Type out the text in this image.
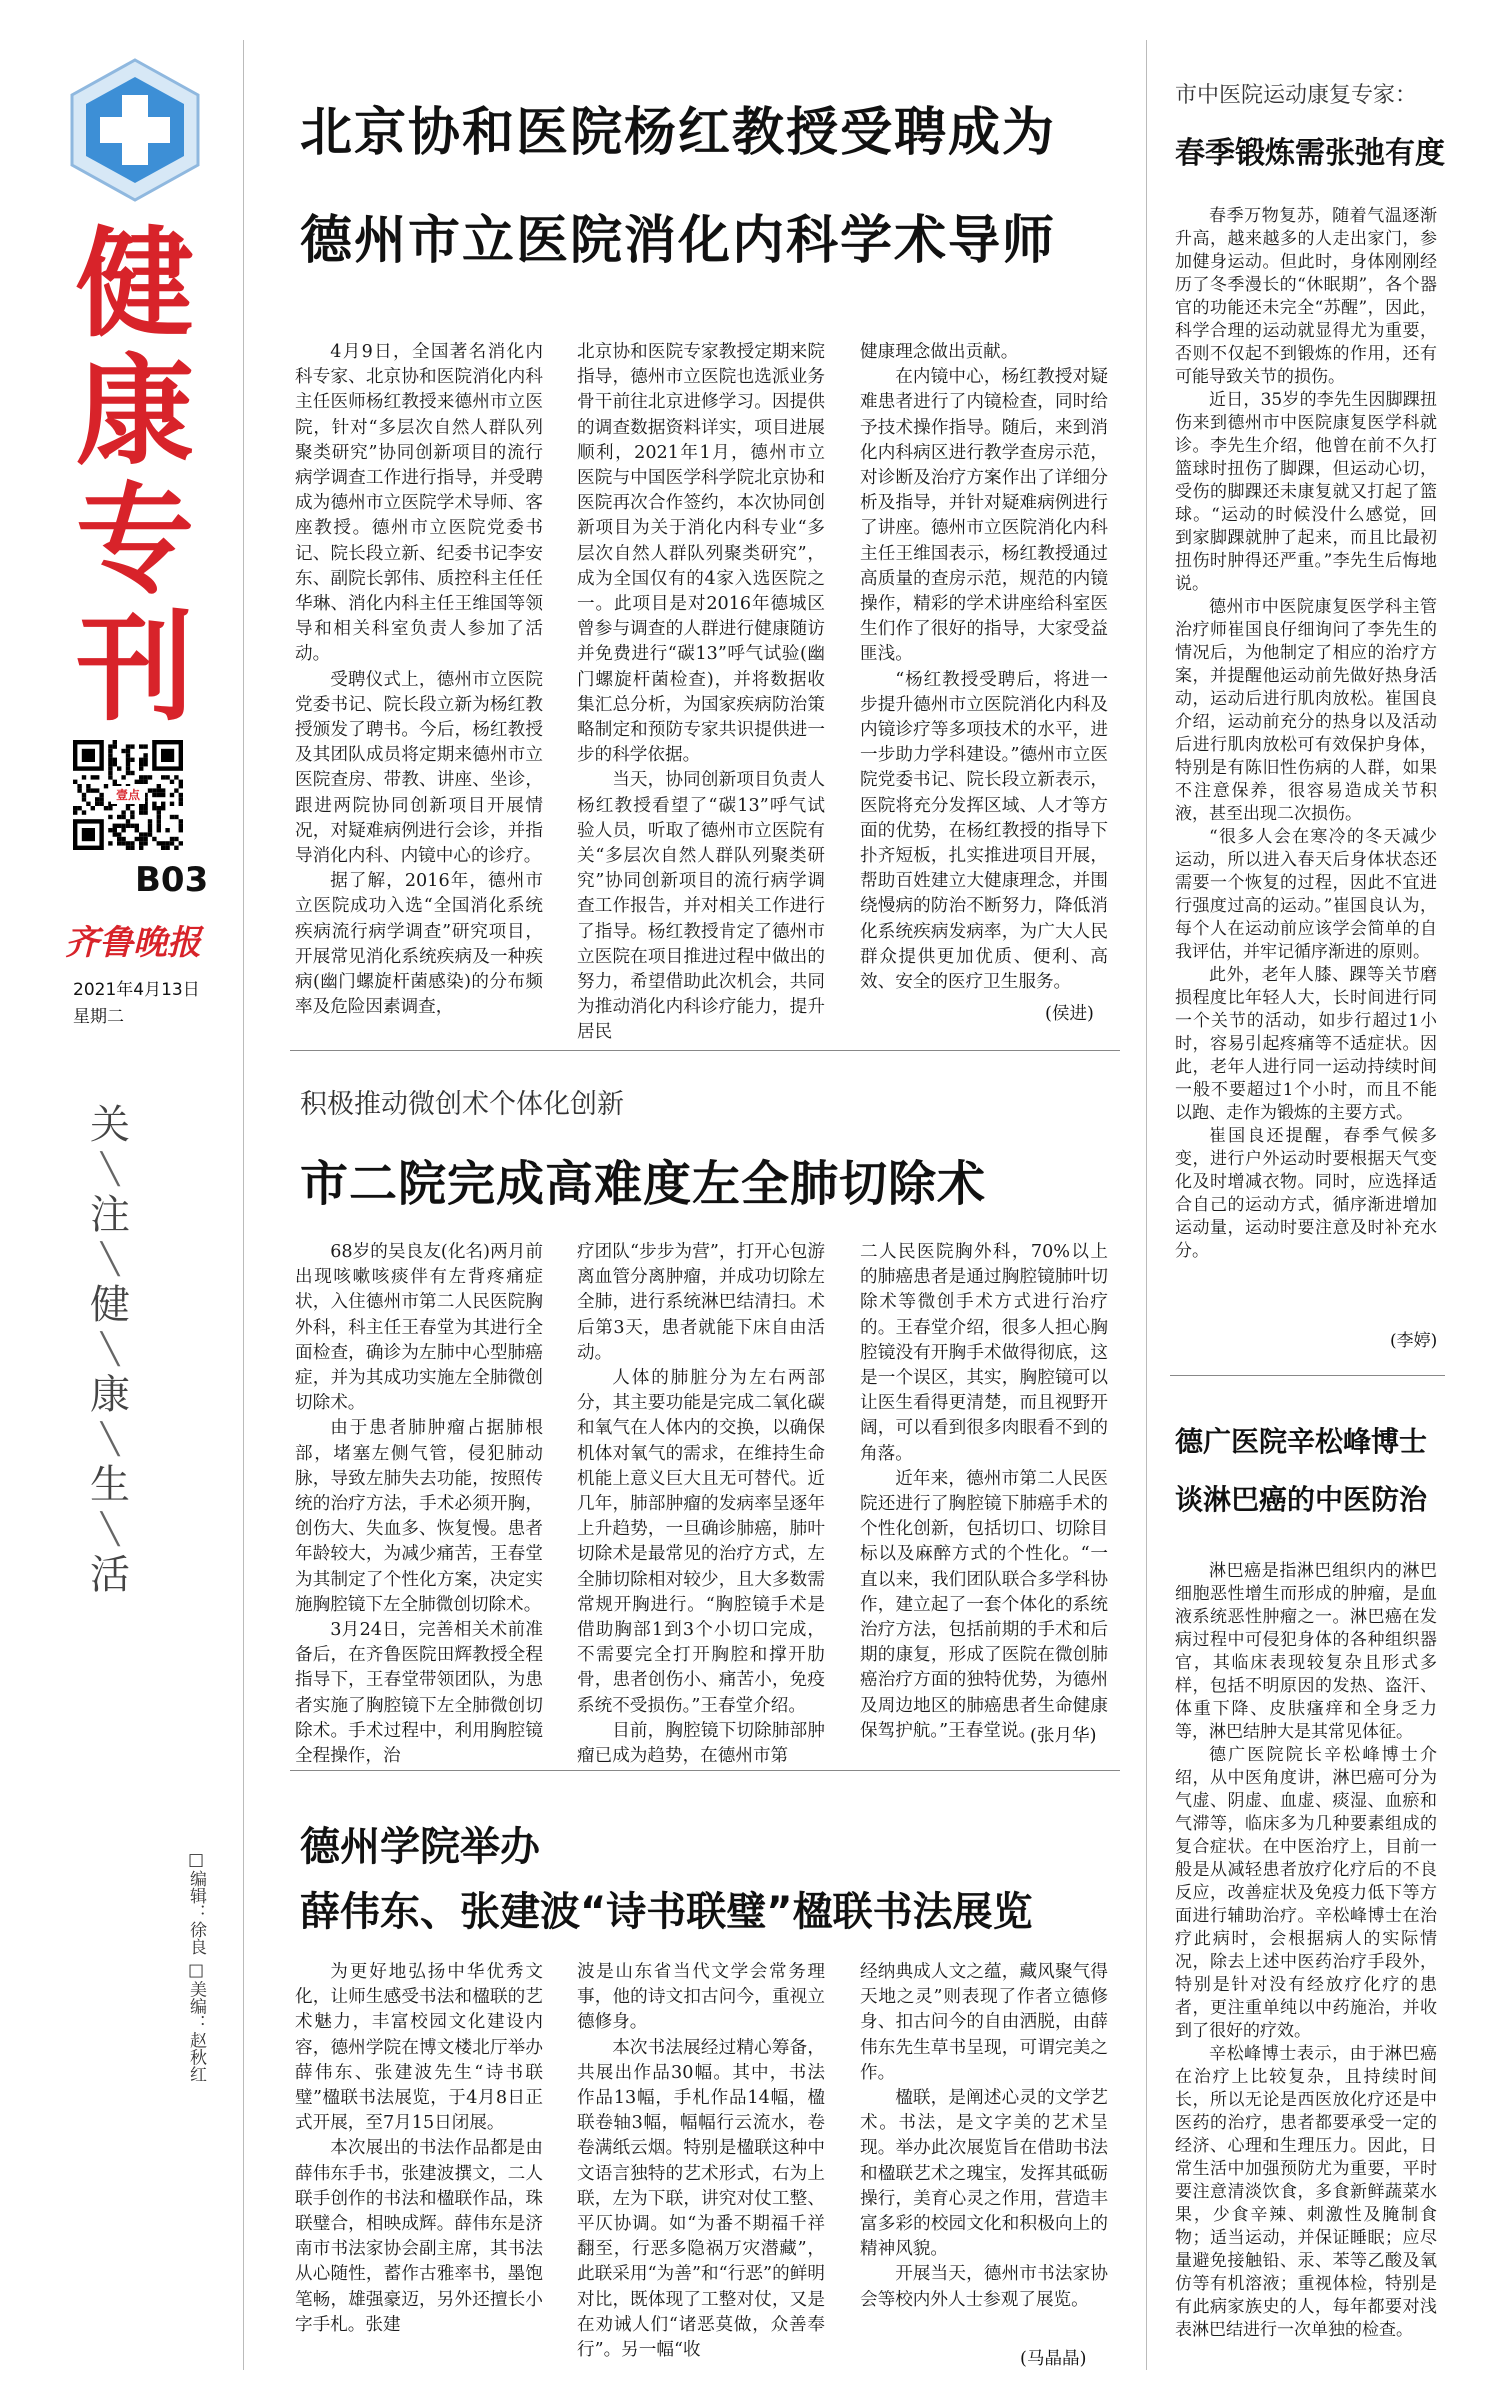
健
康
专
刊
壹点
B03
齐鲁晚报
2021年4月13日
星期二
关
╲
注
╲
健
╲
康
╲
生
╲
活
□编辑：徐良 □美编：赵秋红
北京协和医院杨红教授受聘成为
德州市立医院消化内科学术导师

4月9日，全国著名消化内科专家、北京协和医院消化内科主任医师杨红教授来德州市立医院，针对“多层次自然人群队列聚类研究”协同创新项目的流行病学调查工作进行指导，并受聘成为德州市立医院学术导师、客座教授。德州市立医院党委书记、院长段立新、纪委书记李安东、副院长郭伟、质控科主任任华琳、消化内科主任王维国等领导和相关科室负责人参加了活动。

受聘仪式上，德州市立医院党委书记、院长段立新为杨红教授颁发了聘书。今后，杨红教授及其团队成员将定期来德州市立医院查房、带教、讲座、坐诊，跟进两院协同创新项目开展情况，对疑难病例进行会诊，并指导消化内科、内镜中心的诊疗。

据了解，2016年，德州市立医院成功入选“全国消化系统疾病流行病学调查”研究项目，开展常见消化系统疾病及一种疾病(幽门螺旋杆菌感染)的分布频率及危险因素调查，

北京协和医院专家教授定期来院指导，德州市立医院也选派业务骨干前往北京进修学习。因提供的调查数据资料详实，项目进展顺利，2021年1月，德州市立医院与中国医学科学院北京协和医院再次合作签约，本次协同创新项目为关于消化内科专业“多层次自然人群队列聚类研究”，成为全国仅有的4家入选医院之一。此项目是对2016年德城区曾参与调查的人群进行健康随访并免费进行“碳13”呼气试验(幽门螺旋杆菌检查)，并将数据收集汇总分析，为国家疾病防治策略制定和预防专家共识提供进一步的科学依据。

当天，协同创新项目负责人杨红教授看望了“碳13”呼气试验人员，听取了德州市立医院有关“多层次自然人群队列聚类研究”协同创新项目的流行病学调查工作报告，并对相关工作进行了指导。杨红教授肯定了德州市立医院在项目推进过程中做出的努力，希望借助此次机会，共同为推动消化内科诊疗能力，提升居民

健康理念做出贡献。

在内镜中心，杨红教授对疑难患者进行了内镜检查，同时给予技术操作指导。随后，来到消化内科病区进行教学查房示范，对诊断及治疗方案作出了详细分析及指导，并针对疑难病例进行了讲座。德州市立医院消化内科主任王维国表示，杨红教授通过高质量的查房示范，规范的内镜操作，精彩的学术讲座给科室医生们作了很好的指导，大家受益匪浅。

“杨红教授受聘后，将进一步提升德州市立医院消化内科及内镜诊疗等多项技术的水平，进一步助力学科建设。”德州市立医院党委书记、院长段立新表示，医院将充分发挥区域、人才等方面的优势，在杨红教授的指导下扑齐短板，扎实推进项目开展，帮助百姓建立大健康理念，并围绕慢病的防治不断努力，降低消化系统疾病发病率，为广大人民群众提供更加优质、便利、高效、安全的医疗卫生服务。

(侯进)
积极推动微创术个体化创新
市二院完成高难度左全肺切除术

68岁的吴良友(化名)两月前出现咳嗽咳痰伴有左背疼痛症状，入住德州市第二人民医院胸外科，科主任王春堂为其进行全面检查，确诊为左肺中心型肺癌症，并为其成功实施左全肺微创切除术。

由于患者肺肿瘤占据肺根部，堵塞左侧气管，侵犯肺动脉，导致左肺失去功能，按照传统的治疗方法，手术必须开胸，创伤大、失血多、恢复慢。患者年龄较大，为减少痛苦，王春堂为其制定了个性化方案，决定实施胸腔镜下左全肺微创切除术。

3月24日，完善相关术前准备后，在齐鲁医院田辉教授全程指导下，王春堂带领团队，为患者实施了胸腔镜下左全肺微创切除术。手术过程中，利用胸腔镜全程操作，治

疗团队“步步为营”，打开心包游离血管分离肿瘤，并成功切除左全肺，进行系统淋巴结清扫。术后第3天，患者就能下床自由活动。

人体的肺脏分为左右两部分，其主要功能是完成二氧化碳和氧气在人体内的交换，以确保机体对氧气的需求，在维持生命机能上意义巨大且无可替代。近几年，肺部肿瘤的发病率呈逐年上升趋势，一旦确诊肺癌，肺叶切除术是最常见的治疗方式，左全肺切除相对较少，且大多数需常规开胸进行。“胸腔镜手术是借助胸部1到3个小切口完成，不需要完全打开胸腔和撑开肋骨，患者创伤小、痛苦小，免疫系统不受损伤。”王春堂介绍。

目前，胸腔镜下切除肺部肿瘤已成为趋势，在德州市第

二人民医院胸外科，70%以上的肺癌患者是通过胸腔镜肺叶切除术等微创手术方式进行治疗的。王春堂介绍，很多人担心胸腔镜没有开胸手术做得彻底，这是一个误区，其实，胸腔镜可以让医生看得更清楚，而且视野开阔，可以看到很多肉眼看不到的角落。

近年来，德州市第二人民医院还进行了胸腔镜下肺癌手术的个性化创新，包括切口、切除目标以及麻醉方式的个性化。“一直以来，我们团队联合多学科协作，建立起了一套个体化的系统治疗方法，包括前期的手术和后期的康复，形成了医院在微创肺癌治疗方面的独特优势，为德州及周边地区的肺癌患者生命健康保驾护航。”王春堂说。

(张月华)
德州学院举办
薛伟东、张建波“诗书联璧”楹联书法展览

为更好地弘扬中华优秀文化，让师生感受书法和楹联的艺术魅力，丰富校园文化建设内容，德州学院在博文楼北厅举办薛伟东、张建波先生“诗书联璧”楹联书法展览，于4月8日正式开展，至7月15日闭展。

本次展出的书法作品都是由薛伟东手书，张建波撰文，二人联手创作的书法和楹联作品，珠联璧合，相映成辉。薛伟东是济南市书法家协会副主席，其书法从心随性，蓄作古雅率书，墨饱笔畅，雄强豪迈，另外还擅长小字手札。张建

波是山东省当代文学会常务理事，他的诗文扣古问今，重视立德修身。

本次书法展经过精心筹备，共展出作品30幅。其中，书法作品13幅，手札作品14幅，楹联卷轴3幅，幅幅行云流水，卷卷满纸云烟。特别是楹联这种中文语言独特的艺术形式，右为上联，左为下联，讲究对仗工整、平仄协调。如“为番不期福千祥翻至，行恶多隐祸万灾潜藏”，此联采用“为善”和“行恶”的鲜明对比，既体现了工整对仗，又是在劝诫人们“诸恶莫做，众善奉行”。另一幅“收

经纳典成人文之蕴，藏风聚气得天地之灵”则表现了作者立德修身、扣古问今的自由洒脱，由薛伟东先生草书呈现，可谓完美之作。

楹联，是阐述心灵的文学艺术。书法，是文字美的艺术呈现。举办此次展览旨在借助书法和楹联艺术之瑰宝，发挥其砥砺操行，美育心灵之作用，营造丰富多彩的校园文化和积极向上的精神风貌。

开展当天，德州市书法家协会等校内外人士参观了展览。

(马晶晶)
市中医院运动康复专家：
春季锻炼需张弛有度

春季万物复苏，随着气温逐渐升高，越来越多的人走出家门，参加健身运动。但此时，身体刚刚经历了冬季漫长的“休眠期”，各个器官的功能还未完全“苏醒”，因此，科学合理的运动就显得尤为重要，否则不仅起不到锻炼的作用，还有可能导致关节的损伤。

近日，35岁的李先生因脚踝扭伤来到德州市中医院康复医学科就诊。李先生介绍，他曾在前不久打篮球时扭伤了脚踝，但运动心切，受伤的脚踝还未康复就又打起了篮球。“运动的时候没什么感觉，回到家脚踝就肿了起来，而且比最初扭伤时肿得还严重。”李先生后悔地说。

德州市中医院康复医学科主管治疗师崔国良仔细询问了李先生的情况后，为他制定了相应的治疗方案，并提醒他运动前先做好热身活动，运动后进行肌肉放松。崔国良介绍，运动前充分的热身以及活动后进行肌肉放松可有效保护身体，特别是有陈旧性伤病的人群，如果不注意保养，很容易造成关节积液，甚至出现二次损伤。

“很多人会在寒冷的冬天减少运动，所以进入春天后身体状态还需要一个恢复的过程，因此不宜进行强度过高的运动。”崔国良认为，每个人在运动前应该学会简单的自我评估，并牢记循序渐进的原则。

此外，老年人膝、踝等关节磨损程度比年轻人大，长时间进行同一个关节的活动，如步行超过1小时，容易引起疼痛等不适症状。因此，老年人进行同一运动持续时间一般不要超过1个小时，而且不能以跑、走作为锻炼的主要方式。

崔国良还提醒，春季气候多变，进行户外运动时要根据天气变化及时增减衣物。同时，应选择适合自己的运动方式，循序渐进增加运动量，运动时要注意及时补充水分。

(李婷)
德广医院辛松峰博士
谈淋巴癌的中医防治

淋巴癌是指淋巴组织内的淋巴细胞恶性增生而形成的肿瘤，是血液系统恶性肿瘤之一。淋巴癌在发病过程中可侵犯身体的各种组织器官，其临床表现较复杂且形式多样，包括不明原因的发热、盗汗、体重下降、皮肤瘙痒和全身乏力等，淋巴结肿大是其常见体征。

德广医院院长辛松峰博士介绍，从中医角度讲，淋巴癌可分为气虚、阴虚、血虚、痰湿、血瘀和气滞等，临床多为几种要素组成的复合症状。在中医治疗上，目前一般是从减轻患者放疗化疗后的不良反应，改善症状及免疫力低下等方面进行辅助治疗。辛松峰博士在治疗此病时，会根据病人的实际情况，除去上述中医药治疗手段外，特别是针对没有经放疗化疗的患者，更注重单纯以中药施治，并收到了很好的疗效。

辛松峰博士表示，由于淋巴癌在治疗上比较复杂，且持续时间长，所以无论是西医放化疗还是中医药的治疗，患者都要承受一定的经济、心理和生理压力。因此，日常生活中加强预防尤为重要，平时要注意清淡饮食，多食新鲜蔬菜水果，少食辛辣、刺激性及腌制食物；适当运动，并保证睡眠；应尽量避免接触铅、汞、苯等乙酸及氧仿等有机溶液；重视体检，特别是有此病家族史的人，每年都要对浅表淋巴结进行一次单独的检查。
